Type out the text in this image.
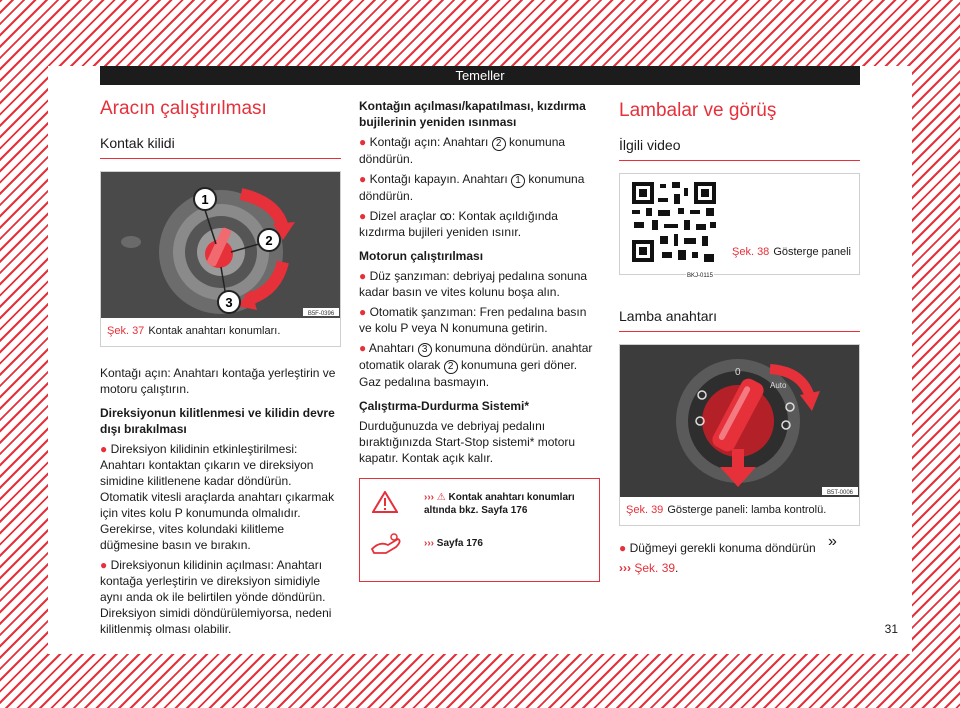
Temeller
Aracın çalıştırılması
Kontak kilidi
1
2
3
B5F-0396
Şek. 37 Kontak anahtarı konumları.

Kontağı açın: Anahtarı kontağa yerleştirin ve motoru çalıştırın.

Direksiyonun kilitlenmesi ve kilidin devre dışı bırakılması

● Direksiyon kilidinin etkinleştirilmesi: Anahtarı kontaktan çıkarın ve direksiyon simidine kilitlenene kadar döndürün. Otomatik vitesli araçlarda anahtarı çıkarmak için vites kolu P konumunda olmalıdır. Gerekirse, vites kolundaki kilitleme düğmesine basın ve bırakın.

● Direksiyonun kilidinin açılması: Anahtarı kontağa yerleştirin ve direksiyon simidiyle aynı anda ok ile belirtilen yönde döndürün. Direksiyon simidi döndürülemiyorsa, nedeni kilitlenmiş olması olabilir.

Kontağın açılması/kapatılması, kızdırma bujilerinin yeniden ısınması

● Kontağı açın: Anahtarı 2 konumuna döndürün.

● Kontağı kapayın. Anahtarı 1 konumuna döndürün.

● Dizel araçlar ꝏ: Kontak açıldığında kızdırma bujileri yeniden ısınır.

Motorun çalıştırılması

● Düz şanzıman: debriyaj pedalına sonuna kadar basın ve vites kolunu boşa alın.

● Otomatik şanzıman: Fren pedalına basın ve kolu P veya N konumuna getirin.

● Anahtarı 3 konumuna döndürün. anahtar otomatik olarak 2 konumuna geri döner. Gaz pedalına basmayın.

Çalıştırma-Durdurma Sistemi*

Durduğunuzda ve debriyaj pedalını bıraktığınızda Start-Stop sistemi* motoru kapatır. Kontak açık kalır.

››› ⚠ Kontak anahtarı konumları altında bkz. Sayfa 176
››› Sayfa 176
Lambalar ve görüş
İlgili video
BKJ-0115
Şek. 38 Gösterge paneli
Lamba anahtarı
0
Auto
B5T-0006
Şek. 39 Gösterge paneli: lamba kontrolü.

● Düğmeyi gerekli konuma döndürün

››› Şek. 39.

»
31
